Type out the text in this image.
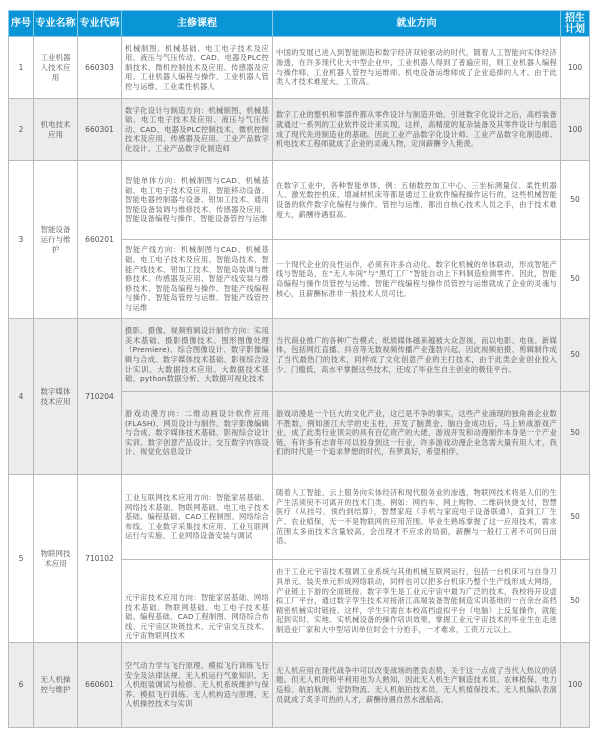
序号	专业名称	专业代码	主修课程	就业方向	招生计划
1	工业机器人技术应用	660303	机械制图、机械基础、电工电子技术及应用、液压与气压传动、CAD、电器及PLC控制技术、微机控制技术及应用、传感器及应用、工业机器人编程与操作、工业机器人管控与运维、工业柔性机器人	中国的发展已进入到智能制造和数字经济双轮驱动的时代，随着人工智能向实体经济渗透，在许多现代化大中型企业中，工业机器人得到了普遍应用，则工业机器人编程与操作师、工业机器人管控与运维师、机电设备运维师成了企业追捧的人才。由于此类人才技术难度大，工资高。	100
2	机电技术应用	660301	数字化设计与制造方向：机械制图、机械基础、电工电子技术及应用、液压与气压传动、CAD、电器及PLC控制技术、微机控制技术及应用、传感器及应用、工业产品数字化设计、工业产品数字化制造师	数字工业的整机和零部件都从零件设计与制造开始。引进数字化设计之后，高档装备就通过一系列的工业软件设计来实现。这样，高精度的复杂装备及其零件设计与制造成了现代先进制造业的基础。因此工业产品数字化设计师、工业产品数字化制造师、机电技术工程师就成了企业的灵魂人物，定岗薪酬令人艳羡。	100
3	智能设备运行与维护	660201	智能单体方向：机械制图与CAD、机械基础、电工电子技术及应用、智能移动设备、智能电器控制器与设备、钳加工技术、通用智能设备装调与维修技术、传感器及应用、智能设备编程与操作、智能设备管控与运维	在数字工业中，各种智能单体，例：五轴数控加工中心、三坐标测量仪、柔性机器人、激光数控机床、增减材机床等都是通过工业软件编程操作运行的，这些机械智能设备的软件数字化编程与操作，管控与运维，都出自核心技术人员之手，由于技术难度大，薪酬待遇很高。	50
			智能产线方向：机械制图与CAD、机械基础、电工电子技术及应用、智能岛技术、智能产线技术、钳加工技术、智能岛装调与维修技术、传感器及应用、智能产线安装与维修技术、智能岛编程与操作、智能产线编程与操作、智能岛管控与运维、智能产线管控与运维	一个现代企业的良性运作，必须有许多自动化、数字化机械的单体联动，形成智能产线与智能岛，在“无人车间”与“黑灯工厂”智能自动上下料制造检测零件。因此，智能岛编程与操作员管控与运维、智能产线编程与操作员管控与运维就成了企业的灵魂与核心，且薪酬标准非一般技术人员可比。	50
4	数字媒体技术应用	710204	摄影、摄像、视频剪辑设计制作方向：实用美术基础、摄影摄像技术、图形图像处理（Premiere)、综合图像设计、数字影像编辑与合成、数字媒体技术基础、影视综合设计实训、大数据技术应用、大数据技术基础、python数据分析、大数据可视化技术	当代商业推广的各种广告模式、纸质媒体越来越被大众忽视，而以电影、电视、新媒体，包括网红直播、抖音等无数视频传播产业蓬勃兴起，因此视频拍摄、剪辑制作成了当代最热门的技术，同样成了文化创意产业的主打技术，由于此类企业创业投入少、门槛低，高水平掌握这些技术，还成了毕业生自主创业的极佳平台。	50
			游戏动漫方向：二维动画设计软件应用(FLASH)、网页设计与制作、数字影像编辑与合成、数字媒体技术基础、影视综合设计实训、数字创意产品设计、交互数字内容设计、视觉化信息设计	游戏动漫是一个巨大的文化产业，这已是不争的事实，这些产业涌现的独角兽企业数不胜数，例如浙江大学的史玉柱，开发了脑黄金、脑白金成功后，马上转战游戏产业，成了此类行业顶尖的具有百亿资产的大佬，游戏开发和动漫制作本身是一个产业链，有许多有志青年可以投身到这一行业，许多游戏动漫企业急需大量有用人才，我们的时代是一个追求梦想的时代，有梦真好，希望相伴。	50
5	物联网技术应用	710102	工业互联网技术应用方向：智能家居基础、网络技术基础、物联网基础、电工电子技术基础、编程基础、CAD工程制图、网络综合布线、工业数字采集技术应用、工业互联网运行与实施、工业网络设备安装与调试	随着人工智能、云上服务向实体经济和现代服务业的渗透，物联网技术将是人们的生产生活须臾不可离开的技术门类。例如：网约车、网上购物、二维码快捷支付，智慧医疗（从挂号、预约到结算），智慧家庭（手机与家庭电子设备联通），直到工厂生产、农业植保，无一不是物联网的应用范围。毕业生熟练掌握了这一应用技术，需求范围太多而技术含量较高，会出现才不应求的局面，薪酬与一般打工者不可同日而语。	50
			元宇宙技术应用方向：智能家居基础、网络技术基础、物联网基础、电工电子技术基础、编程基础、CAD工程制图、网络综合布线、元宇宙区块链技术、元宇宙交互技术、元宇宙物联网技术	由于工业元宇宙技术强调工业系统与其他机械互联网运行，包括一台机床可与自身刀具单元、装夹单元形成网络联动，同样也可以把多台机床乃整个生产线形成大网络，产业链上下游的全面链接。数字孪生是工业元宇宙中最为广泛的技术，我校将开设虚拟工厂平台，通过数字孪生技术对接浙江高端装备智能制造实训基地的一百余台高档精密机械实时链接。这样，学生只需在本校高档虚拟平台（电脑）上反复操作，就能起到实时、实地、实机械设备的操作培训效果，掌握工业元宇宙技术的毕业生在走进制造业厂家和大中型培训单位时会十分抢手，一才难求，工资万元以上。	50
6	无人机操控与维护	660601	空气动力学与飞行原理、模拟飞行训练飞行安全及法律法规、无人机运行气象知识、无人机组装调试与检修、无人机系统维护与保养、模拟飞行训练、无人机构造与原理、无人机操控技术与实训	无人机应用在现代战争中可以改变战场的胜负态势，关于这一点成了当代人热议的话题。但无人机的和平利用也为人熟知，因此无人机生产制造技术员、农林植保、电力巡检、航拍航测、安防物流、无人机航拍技术员、无人机植保技术、无人机编队表演员就成了炙手可热的人才，薪酬待遇自然水涨船高。	100
